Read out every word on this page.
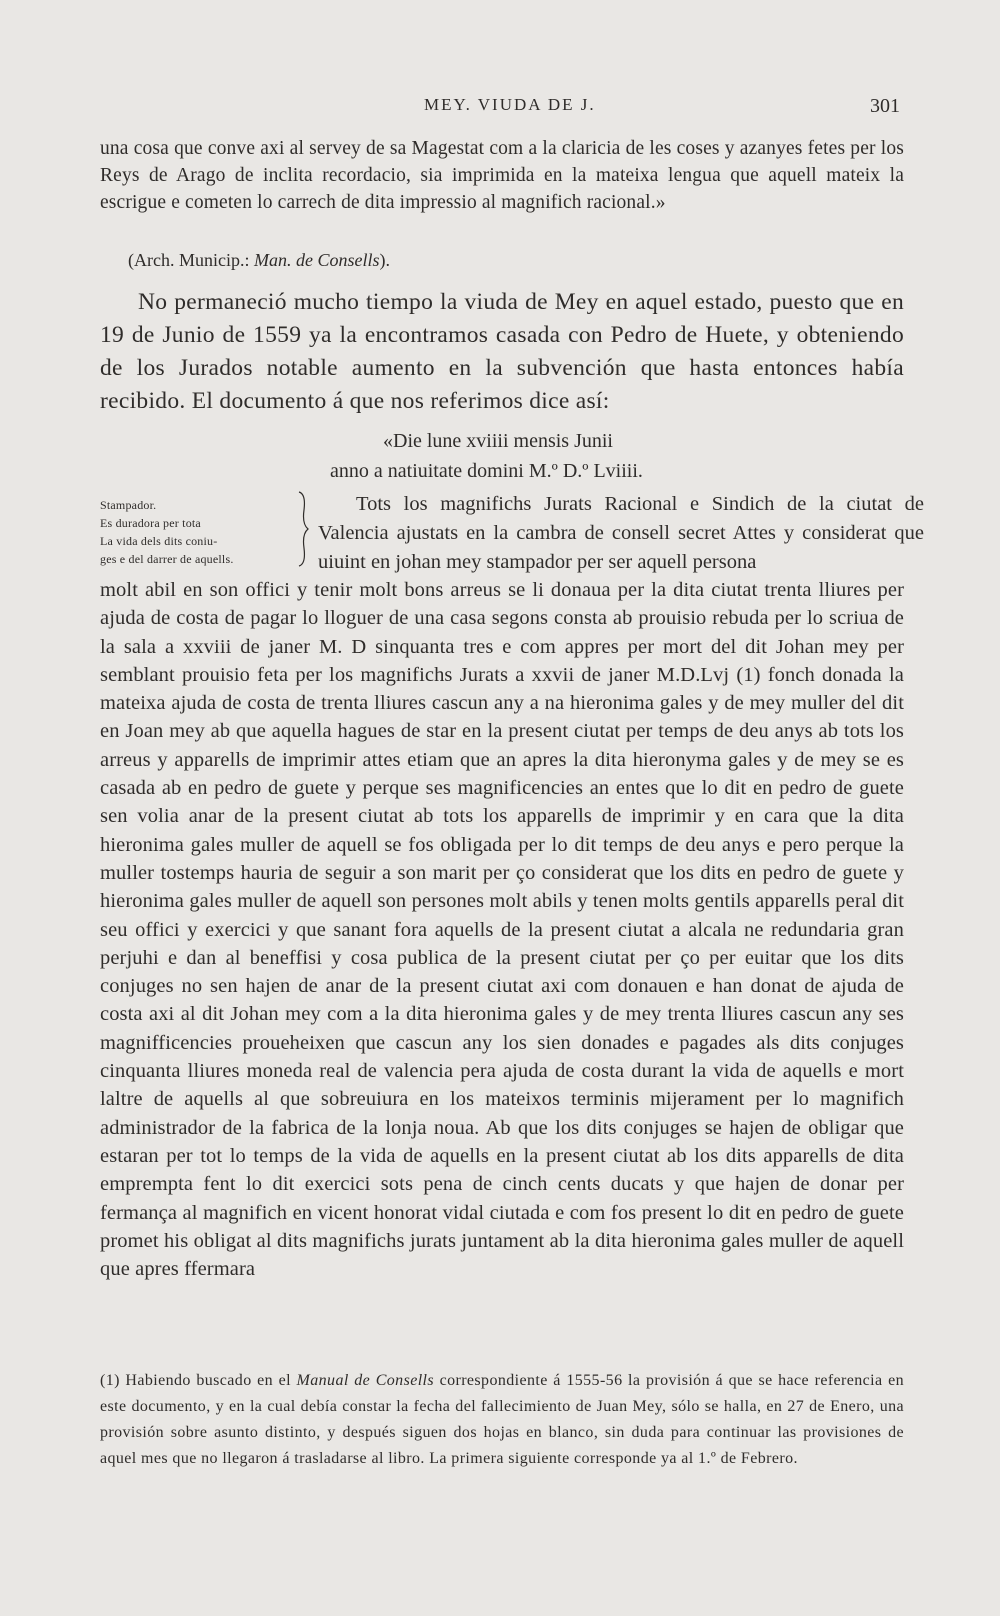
MEY. VIUDA DE J.	301

una cosa que conve axi al servey de sa Magestat com a la claricia de les coses y azanyes fetes per los Reys de Arago de inclita recordacio, sia imprimida en la mateixa lengua que aquell mateix la escrigue e cometen lo carrech de dita impressio al magnifich racional.»

(Arch. Municip.: Man. de Consells).

No permaneció mucho tiempo la viuda de Mey en aquel estado, puesto que en 19 de Junio de 1559 ya la encontramos casada con Pedro de Huete, y obteniendo de los Jurados notable aumento en la subvención que hasta entonces había recibido. El documento á que nos referimos dice así:

«Die lune xviiii mensis Junii
anno a natiuitate domini M.º D.º Lviiii.
Stampador.
Es duradora per tota
La vida dels dits coniu-
ges e del darrer de aquells.

Tots los magnifichs Jurats Racional e Sindich de la ciutat de Valencia ajustats en la cambra de consell secret Attes y considerat que uiuint en johan mey stampador per ser aquell persona

molt abil en son offici y tenir molt bons arreus se li donaua per la dita ciutat trenta lliures per ajuda de costa de pagar lo lloguer de una casa segons consta ab prouisio rebuda per lo scriua de la sala a xxviii de janer M. D sinquanta tres e com appres per mort del dit Johan mey per semblant prouisio feta per los magnifichs Jurats a xxvii de janer M.D.Lvj (1) fonch donada la mateixa ajuda de costa de trenta lliures cascun any a na hieronima gales y de mey muller del dit en Joan mey ab que aquella hagues de star en la present ciutat per temps de deu anys ab tots los arreus y apparells de imprimir attes etiam que an apres la dita hieronyma gales y de mey se es casada ab en pedro de guete y perque ses magnificencies an entes que lo dit en pedro de guete sen volia anar de la present ciutat ab tots los apparells de imprimir y en cara que la dita hieronima gales muller de aquell se fos obligada per lo dit temps de deu anys e pero perque la muller tostemps hauria de seguir a son marit per ço considerat que los dits en pedro de guete y hieronima gales muller de aquell son persones molt abils y tenen molts gentils apparells peral dit seu offici y exercici y que sanant fora aquells de la present ciutat a alcala ne redundaria gran perjuhi e dan al beneffisi y cosa publica de la present ciutat per ço per euitar que los dits conjuges no sen hajen de anar de la present ciutat axi com donauen e han donat de ajuda de costa axi al dit Johan mey com a la dita hieronima gales y de mey trenta lliures cascun any ses magnifficencies proueheixen que cascun any los sien donades e pagades als dits conjuges cinquanta lliures moneda real de valencia pera ajuda de costa durant la vida de aquells e mort laltre de aquells al que sobreuiura en los mateixos terminis mijerament per lo magnifich administrador de la fabrica de la lonja noua. Ab que los dits conjuges se hajen de obligar que estaran per tot lo temps de la vida de aquells en la present ciutat ab los dits apparells de dita emprempta fent lo dit exercici sots pena de cinch cents ducats y que hajen de donar per fermança al magnifich en vicent honorat vidal ciutada e com fos present lo dit en pedro de guete promet his obligat al dits magnifichs jurats juntament ab la dita hieronima gales muller de aquell que apres ffermara

(1) Habiendo buscado en el Manual de Consells correspondiente á 1555-56 la provisión á que se hace referencia en este documento, y en la cual debía constar la fecha del fallecimiento de Juan Mey, sólo se halla, en 27 de Enero, una provisión sobre asunto distinto, y después siguen dos hojas en blanco, sin duda para continuar las provisiones de aquel mes que no llegaron á trasladarse al libro. La primera siguiente corresponde ya al 1.º de Febrero.
